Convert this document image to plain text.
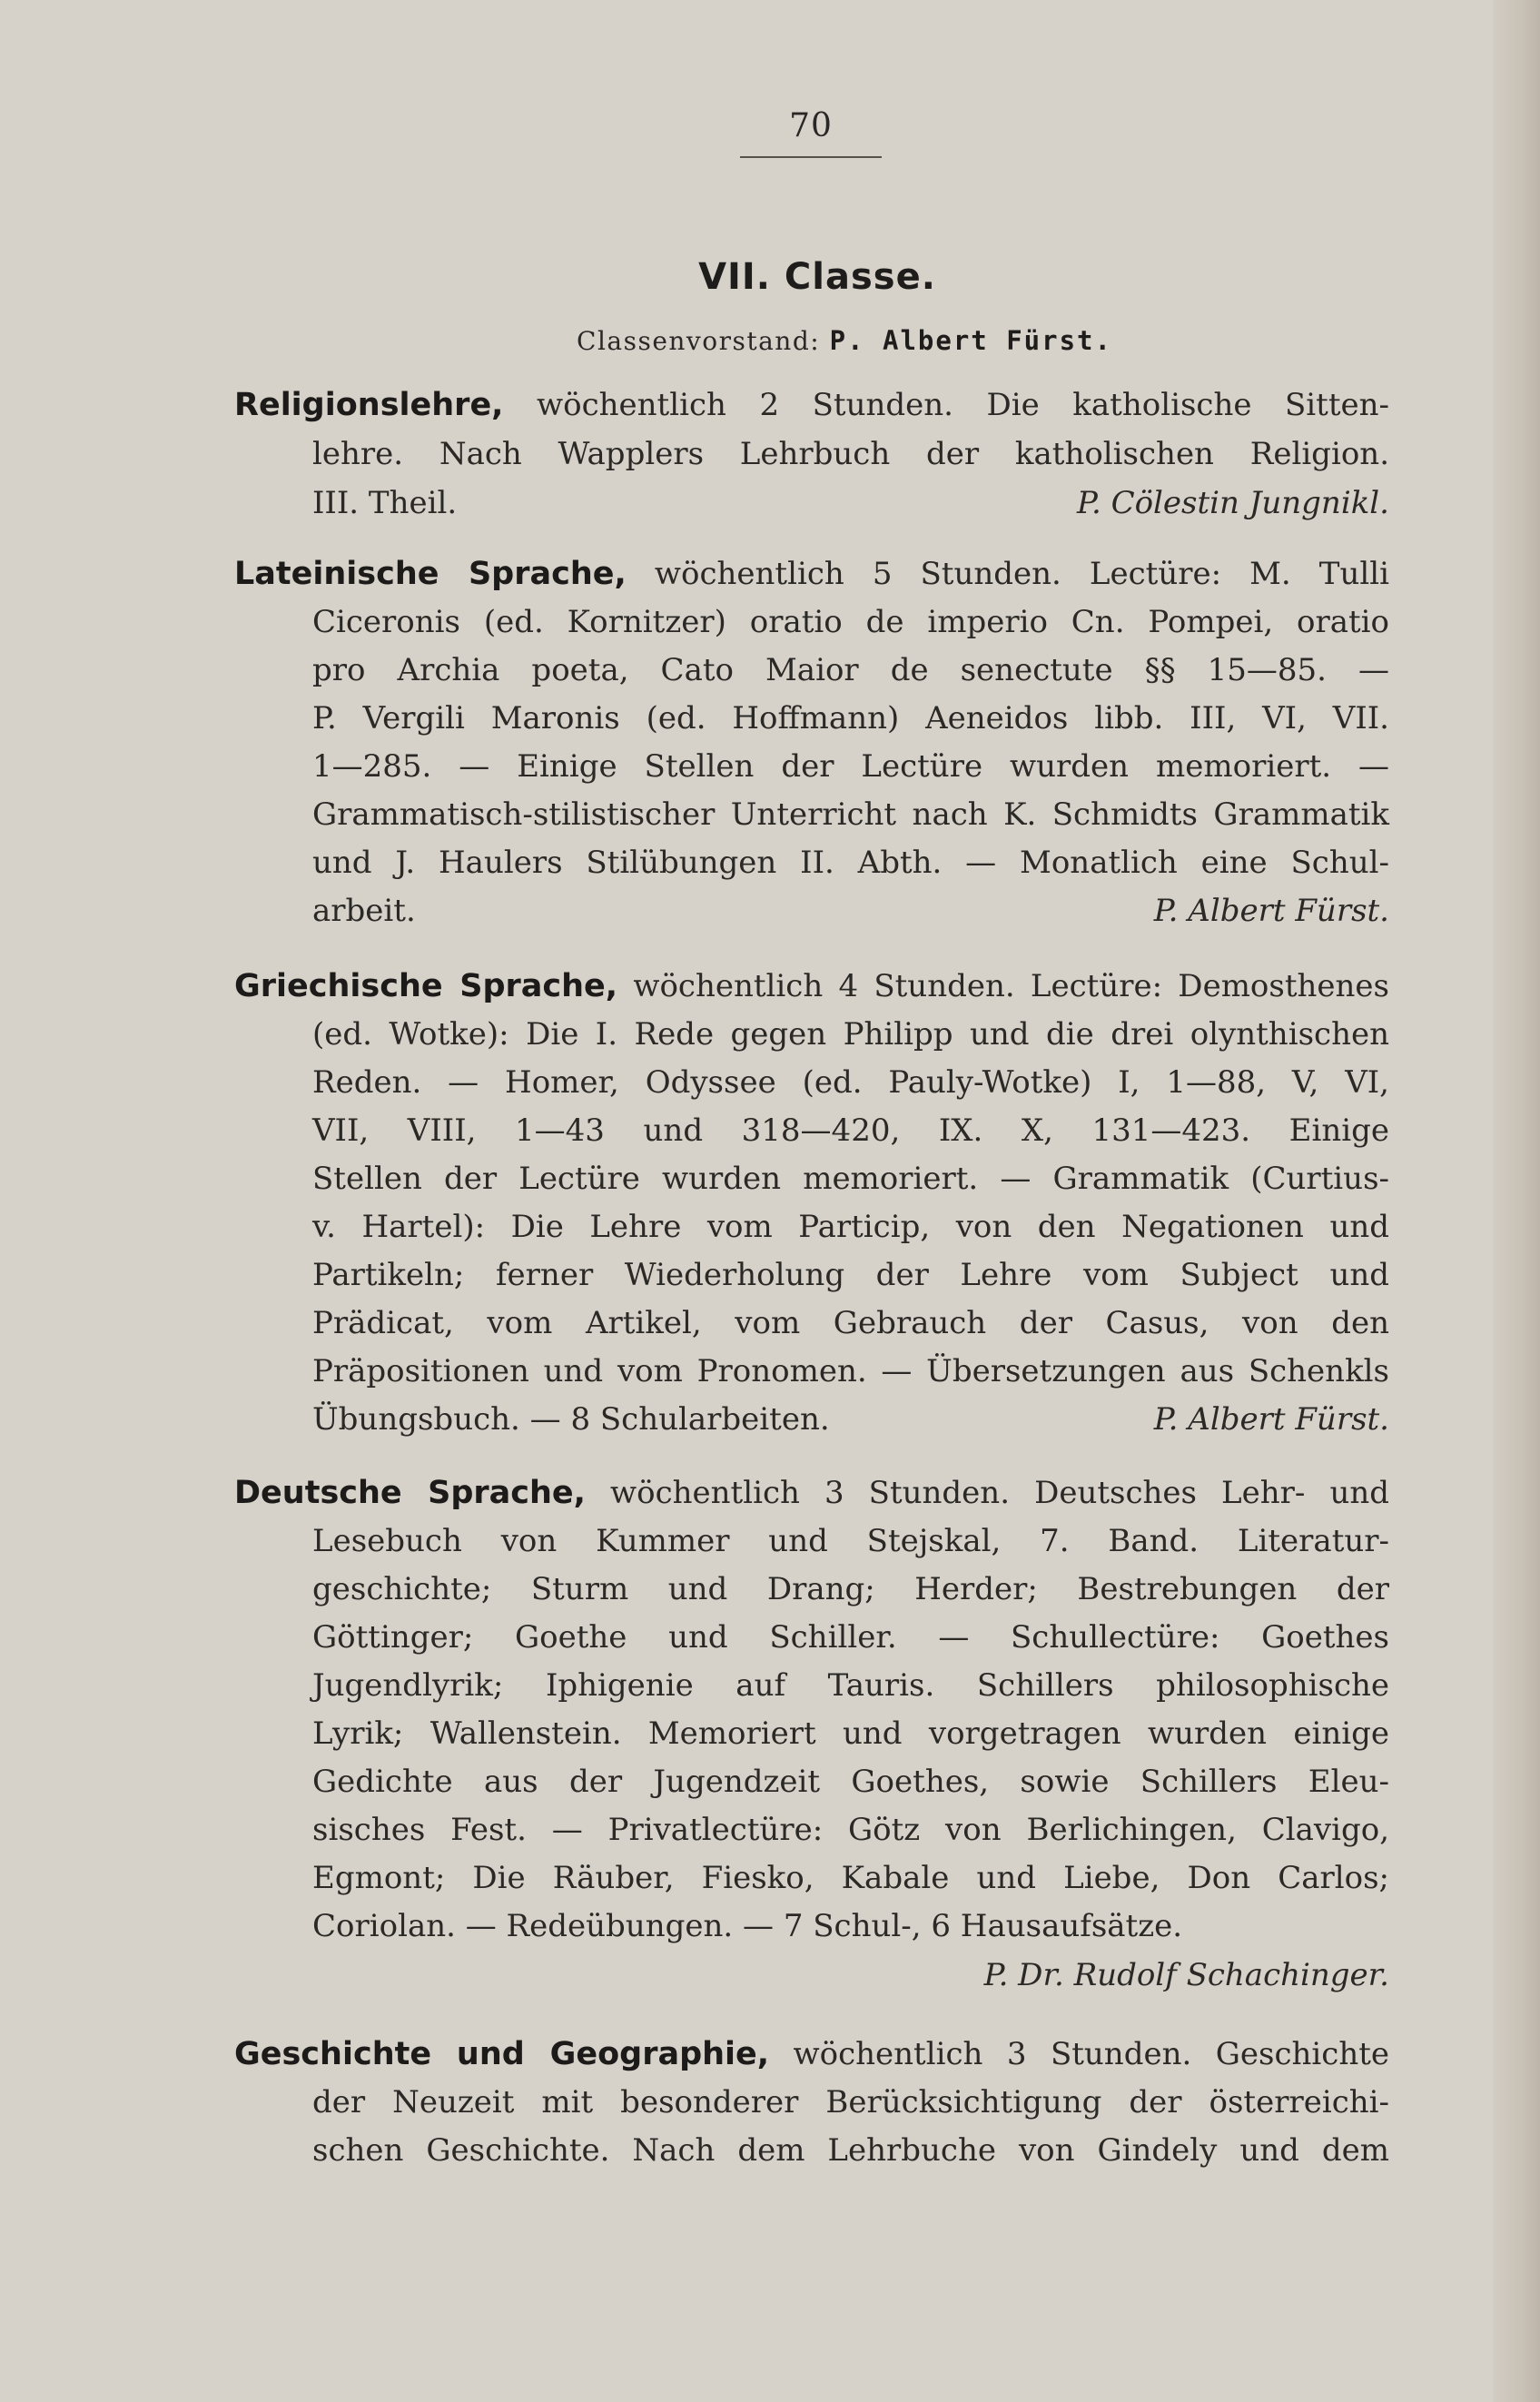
70
VII. Classe.
Classenvorstand: P. Albert Fürst.
Religionslehre, wöchentlich 2 Stunden. Die katholische Sitten-
lehre. Nach Wapplers Lehrbuch der katholischen Religion.
III. Theil.	P. Cölestin Jungnikl.
Lateinische Sprache, wöchentlich 5 Stunden. Lectüre: M. Tulli
Ciceronis (ed. Kornitzer) oratio de imperio Cn. Pompei, oratio
pro Archia poeta, Cato Maior de senectute §§ 15—85. —
P. Vergili Maronis (ed. Hoffmann) Aeneidos libb. III, VI, VII.
1—285. — Einige Stellen der Lectüre wurden memoriert. —
Grammatisch-stilistischer Unterricht nach K. Schmidts Grammatik
und J. Haulers Stilübungen II. Abth. — Monatlich eine Schul-
arbeit.	P. Albert Fürst.
Griechische Sprache, wöchentlich 4 Stunden. Lectüre: Demosthenes
(ed. Wotke): Die I. Rede gegen Philipp und die drei olynthischen
Reden. — Homer, Odyssee (ed. Pauly-Wotke) I, 1—88, V, VI,
VII, VIII, 1—43 und 318—420, IX. X, 131—423. Einige
Stellen der Lectüre wurden memoriert. — Grammatik (Curtius-
v. Hartel): Die Lehre vom Particip, von den Negationen und
Partikeln; ferner Wiederholung der Lehre vom Subject und
Prädicat, vom Artikel, vom Gebrauch der Casus, von den
Präpositionen und vom Pronomen. — Übersetzungen aus Schenkls
Übungsbuch. — 8 Schularbeiten.	P. Albert Fürst.
Deutsche Sprache, wöchentlich 3 Stunden. Deutsches Lehr- und
Lesebuch von Kummer und Stejskal, 7. Band. Literatur-
geschichte; Sturm und Drang; Herder; Bestrebungen der
Göttinger; Goethe und Schiller. — Schullectüre: Goethes
Jugendlyrik; Iphigenie auf Tauris. Schillers philosophische
Lyrik; Wallenstein. Memoriert und vorgetragen wurden einige
Gedichte aus der Jugendzeit Goethes, sowie Schillers Eleu-
sisches Fest. — Privatlectüre: Götz von Berlichingen, Clavigo,
Egmont; Die Räuber, Fiesko, Kabale und Liebe, Don Carlos;
Coriolan. — Redeübungen. — 7 Schul-, 6 Hausaufsätze.
P. Dr. Rudolf Schachinger.
Geschichte und Geographie, wöchentlich 3 Stunden. Geschichte
der Neuzeit mit besonderer Berücksichtigung der österreichi-
schen Geschichte. Nach dem Lehrbuche von Gindely und dem
